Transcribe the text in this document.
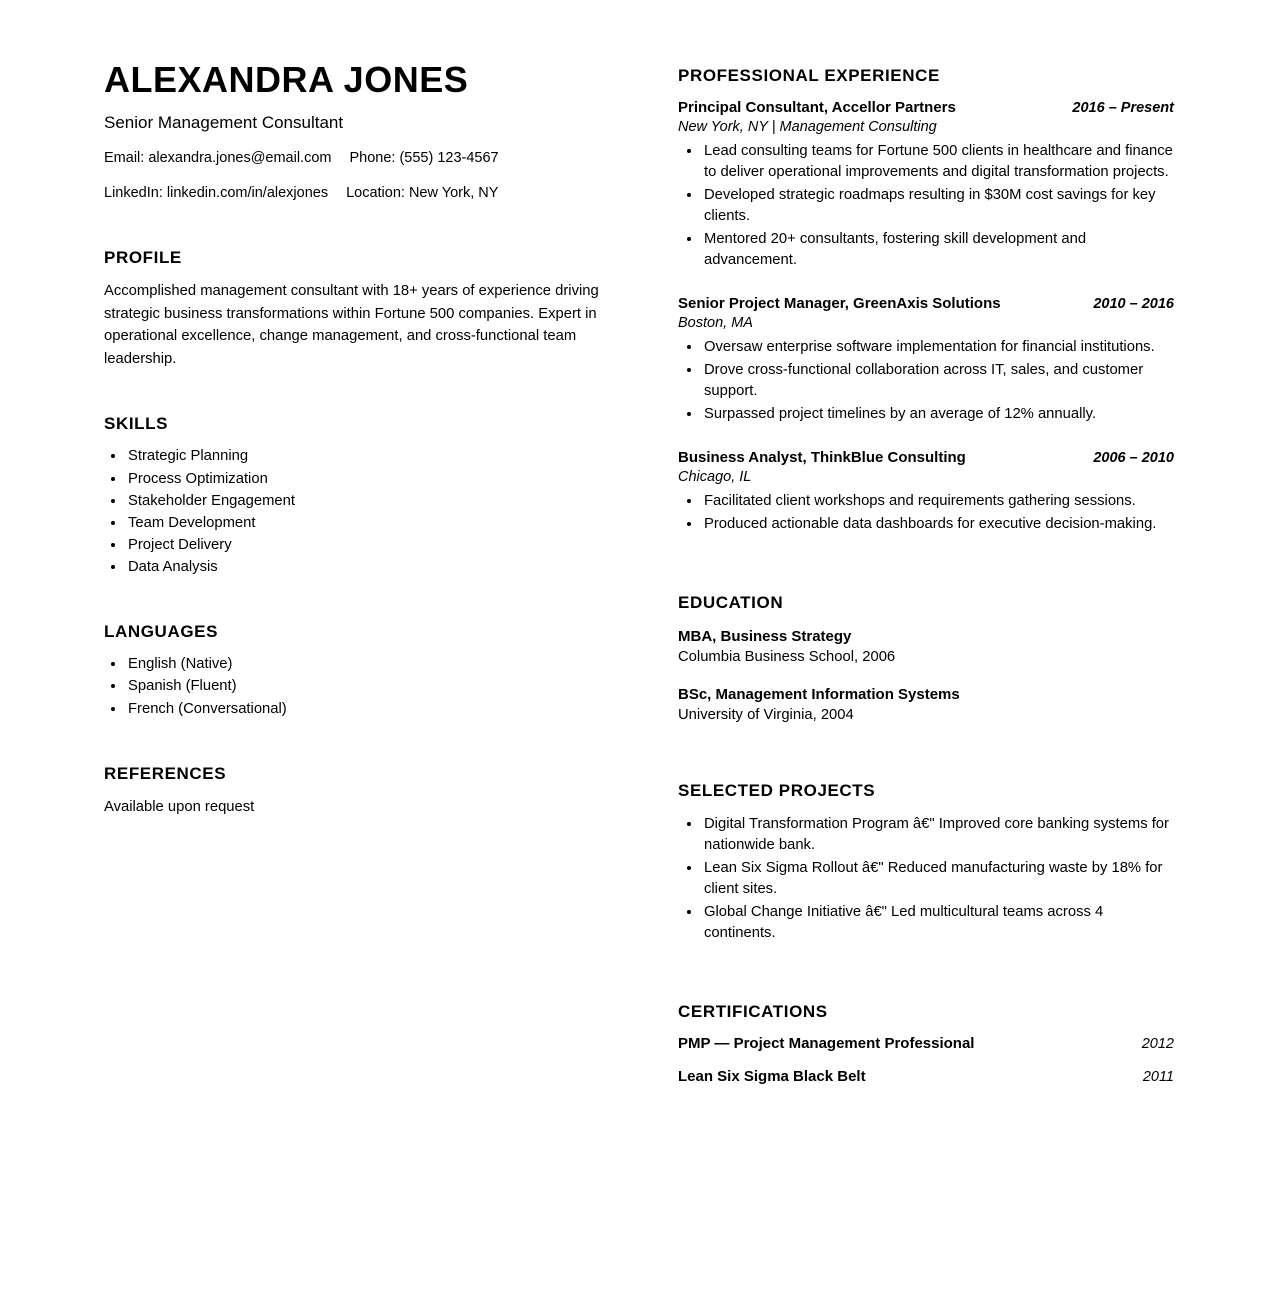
ALEXANDRA JONES
Senior Management Consultant
Email: alexandra.jones@email.com Phone: (555) 123-4567
LinkedIn: linkedin.com/in/alexjones Location: New York, NY
PROFILE

Accomplished management consultant with 18+ years of experience driving strategic business transformations within Fortune 500 companies. Expert in operational excellence, change management, and cross-functional team leadership.

SKILLS
• Strategic Planning
• Process Optimization
• Stakeholder Engagement
• Team Development
• Project Delivery
• Data Analysis
LANGUAGES
• English (Native)
• Spanish (Fluent)
• French (Conversational)
REFERENCES

Available upon request

PROFESSIONAL EXPERIENCE
Principal Consultant, Accellor Partners	2016 – Present
New York, NY | Management Consulting
• Lead consulting teams for Fortune 500 clients in healthcare and finance to deliver operational improvements and digital transformation projects.
• Developed strategic roadmaps resulting in $30M cost savings for key clients.
• Mentored 20+ consultants, fostering skill development and advancement.
Senior Project Manager, GreenAxis Solutions	2010 – 2016
Boston, MA
• Oversaw enterprise software implementation for financial institutions.
• Drove cross-functional collaboration across IT, sales, and customer support.
• Surpassed project timelines by an average of 12% annually.
Business Analyst, ThinkBlue Consulting	2006 – 2010
Chicago, IL
• Facilitated client workshops and requirements gathering sessions.
• Produced actionable data dashboards for executive decision-making.
EDUCATION
MBA, Business Strategy
Columbia Business School, 2006
BSc, Management Information Systems
University of Virginia, 2004
SELECTED PROJECTS
• Digital Transformation Program â€" Improved core banking systems for nationwide bank.
• Lean Six Sigma Rollout â€" Reduced manufacturing waste by 18% for client sites.
• Global Change Initiative â€" Led multicultural teams across 4 continents.
CERTIFICATIONS
PMP — Project Management Professional	2012
Lean Six Sigma Black Belt	2011
